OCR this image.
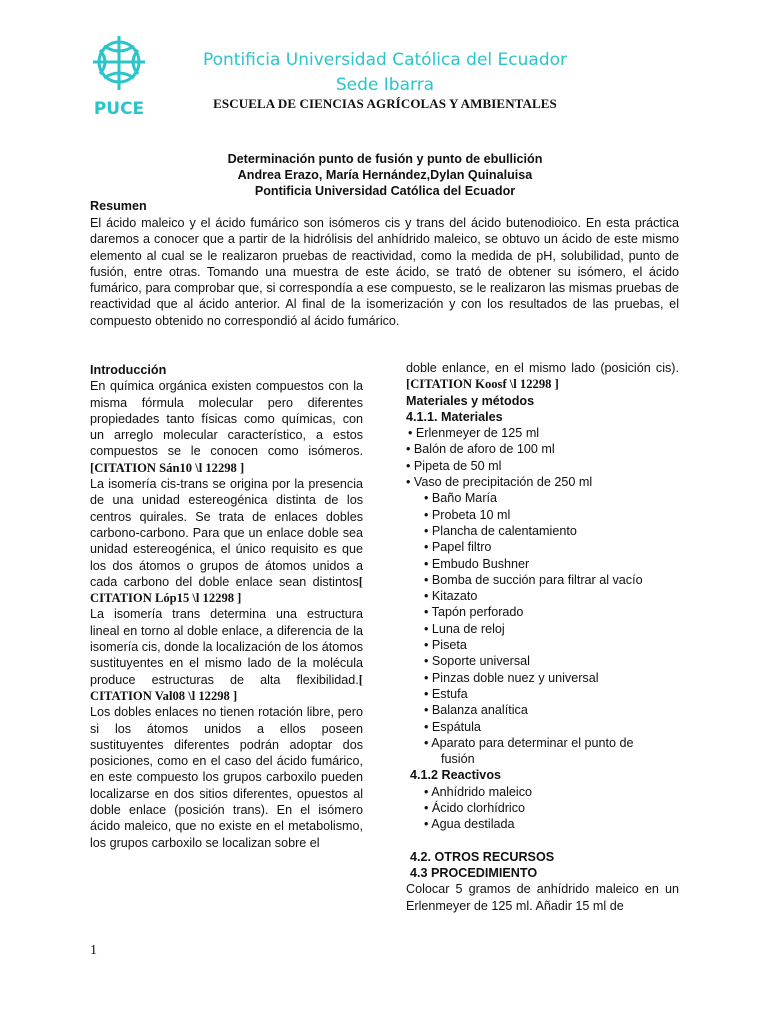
PUCE
Pontificia Universidad Católica del Ecuador
Sede Ibarra
ESCUELA DE CIENCIAS AGRÍCOLAS Y AMBIENTALES
Determinación punto de fusión y punto de ebullición
Andrea Erazo, María Hernández,Dylan Quinaluisa
Pontificia Universidad Católica del Ecuador
Resumen
El ácido maleico y el ácido fumárico son isómeros cis y trans del ácido butenodioico. En esta práctica daremos a conocer que a partir de la hidrólisis del anhídrido maleico, se obtuvo un ácido de este mismo elemento al cual se le realizaron pruebas de reactividad, como la medida de pH, solubilidad, punto de fusión, entre otras. Tomando una muestra de este ácido, se trató de obtener su isómero, el ácido fumárico, para comprobar que, si correspondía a ese compuesto, se le realizaron las mismas pruebas de reactividad que al ácido anterior. Al final de la isomerización y con los resultados de las pruebas, el compuesto obtenido no correspondió al ácido fumárico.
Introducción
En química orgánica existen compuestos con la misma fórmula molecular pero diferentes propiedades tanto físicas como químicas, con un arreglo molecular característico, a estos compuestos se le conocen como isómeros.[CITATION Sán10 \l 12298 ]
La isomería cis-trans se origina por la presencia de una unidad estereogénica distinta de los centros quirales. Se trata de enlaces dobles carbono-carbono. Para que un enlace doble sea unidad estereogénica, el único requisito es que los dos átomos o grupos de átomos unidos a cada carbono del doble enlace sean distintos[ CITATION Lóp15 \l 12298 ]
La isomería trans determina una estructura lineal en torno al doble enlace, a diferencia de la isomería cis, donde la localización de los átomos sustituyentes en el mismo lado de la molécula produce estructuras de alta flexibilidad.[ CITATION Val08 \l 12298 ]
Los dobles enlaces no tienen rotación libre, pero si los átomos unidos a ellos poseen sustituyentes diferentes podrán adoptar dos posiciones, como en el caso del ácido fumárico, en este compuesto los grupos carboxilo pueden localizarse en dos sitios diferentes, opuestos al doble enlace (posición trans). En el isómero ácido maleico, que no existe en el metabolismo, los grupos carboxilo se localizan sobre el
doble enlance, en el mismo lado (posición cis).[CITATION Koosf \l 12298 ]
Materiales y métodos
4.1.1. Materiales
• Erlenmeyer de 125 ml
• Balón de aforo de 100 ml
• Pipeta de 50 ml
• Vaso de precipitación de 250 ml
• Baño María
• Probeta 10 ml
• Plancha de calentamiento
• Papel filtro
• Embudo Bushner
• Bomba de succión para filtrar al vacío
• Kitazato
• Tapón perforado
• Luna de reloj
• Piseta
• Soporte universal
• Pinzas doble nuez y universal
• Estufa
• Balanza analítica
• Espátula
• Aparato para determinar el punto de
fusión
4.1.2 Reactivos
• Anhídrido maleico
• Ácido clorhídrico
• Agua destilada
4.2. OTROS RECURSOS
4.3 PROCEDIMIENTO
Colocar 5 gramos de anhídrido maleico en un Erlenmeyer de 125 ml. Añadir 15 ml de
1
